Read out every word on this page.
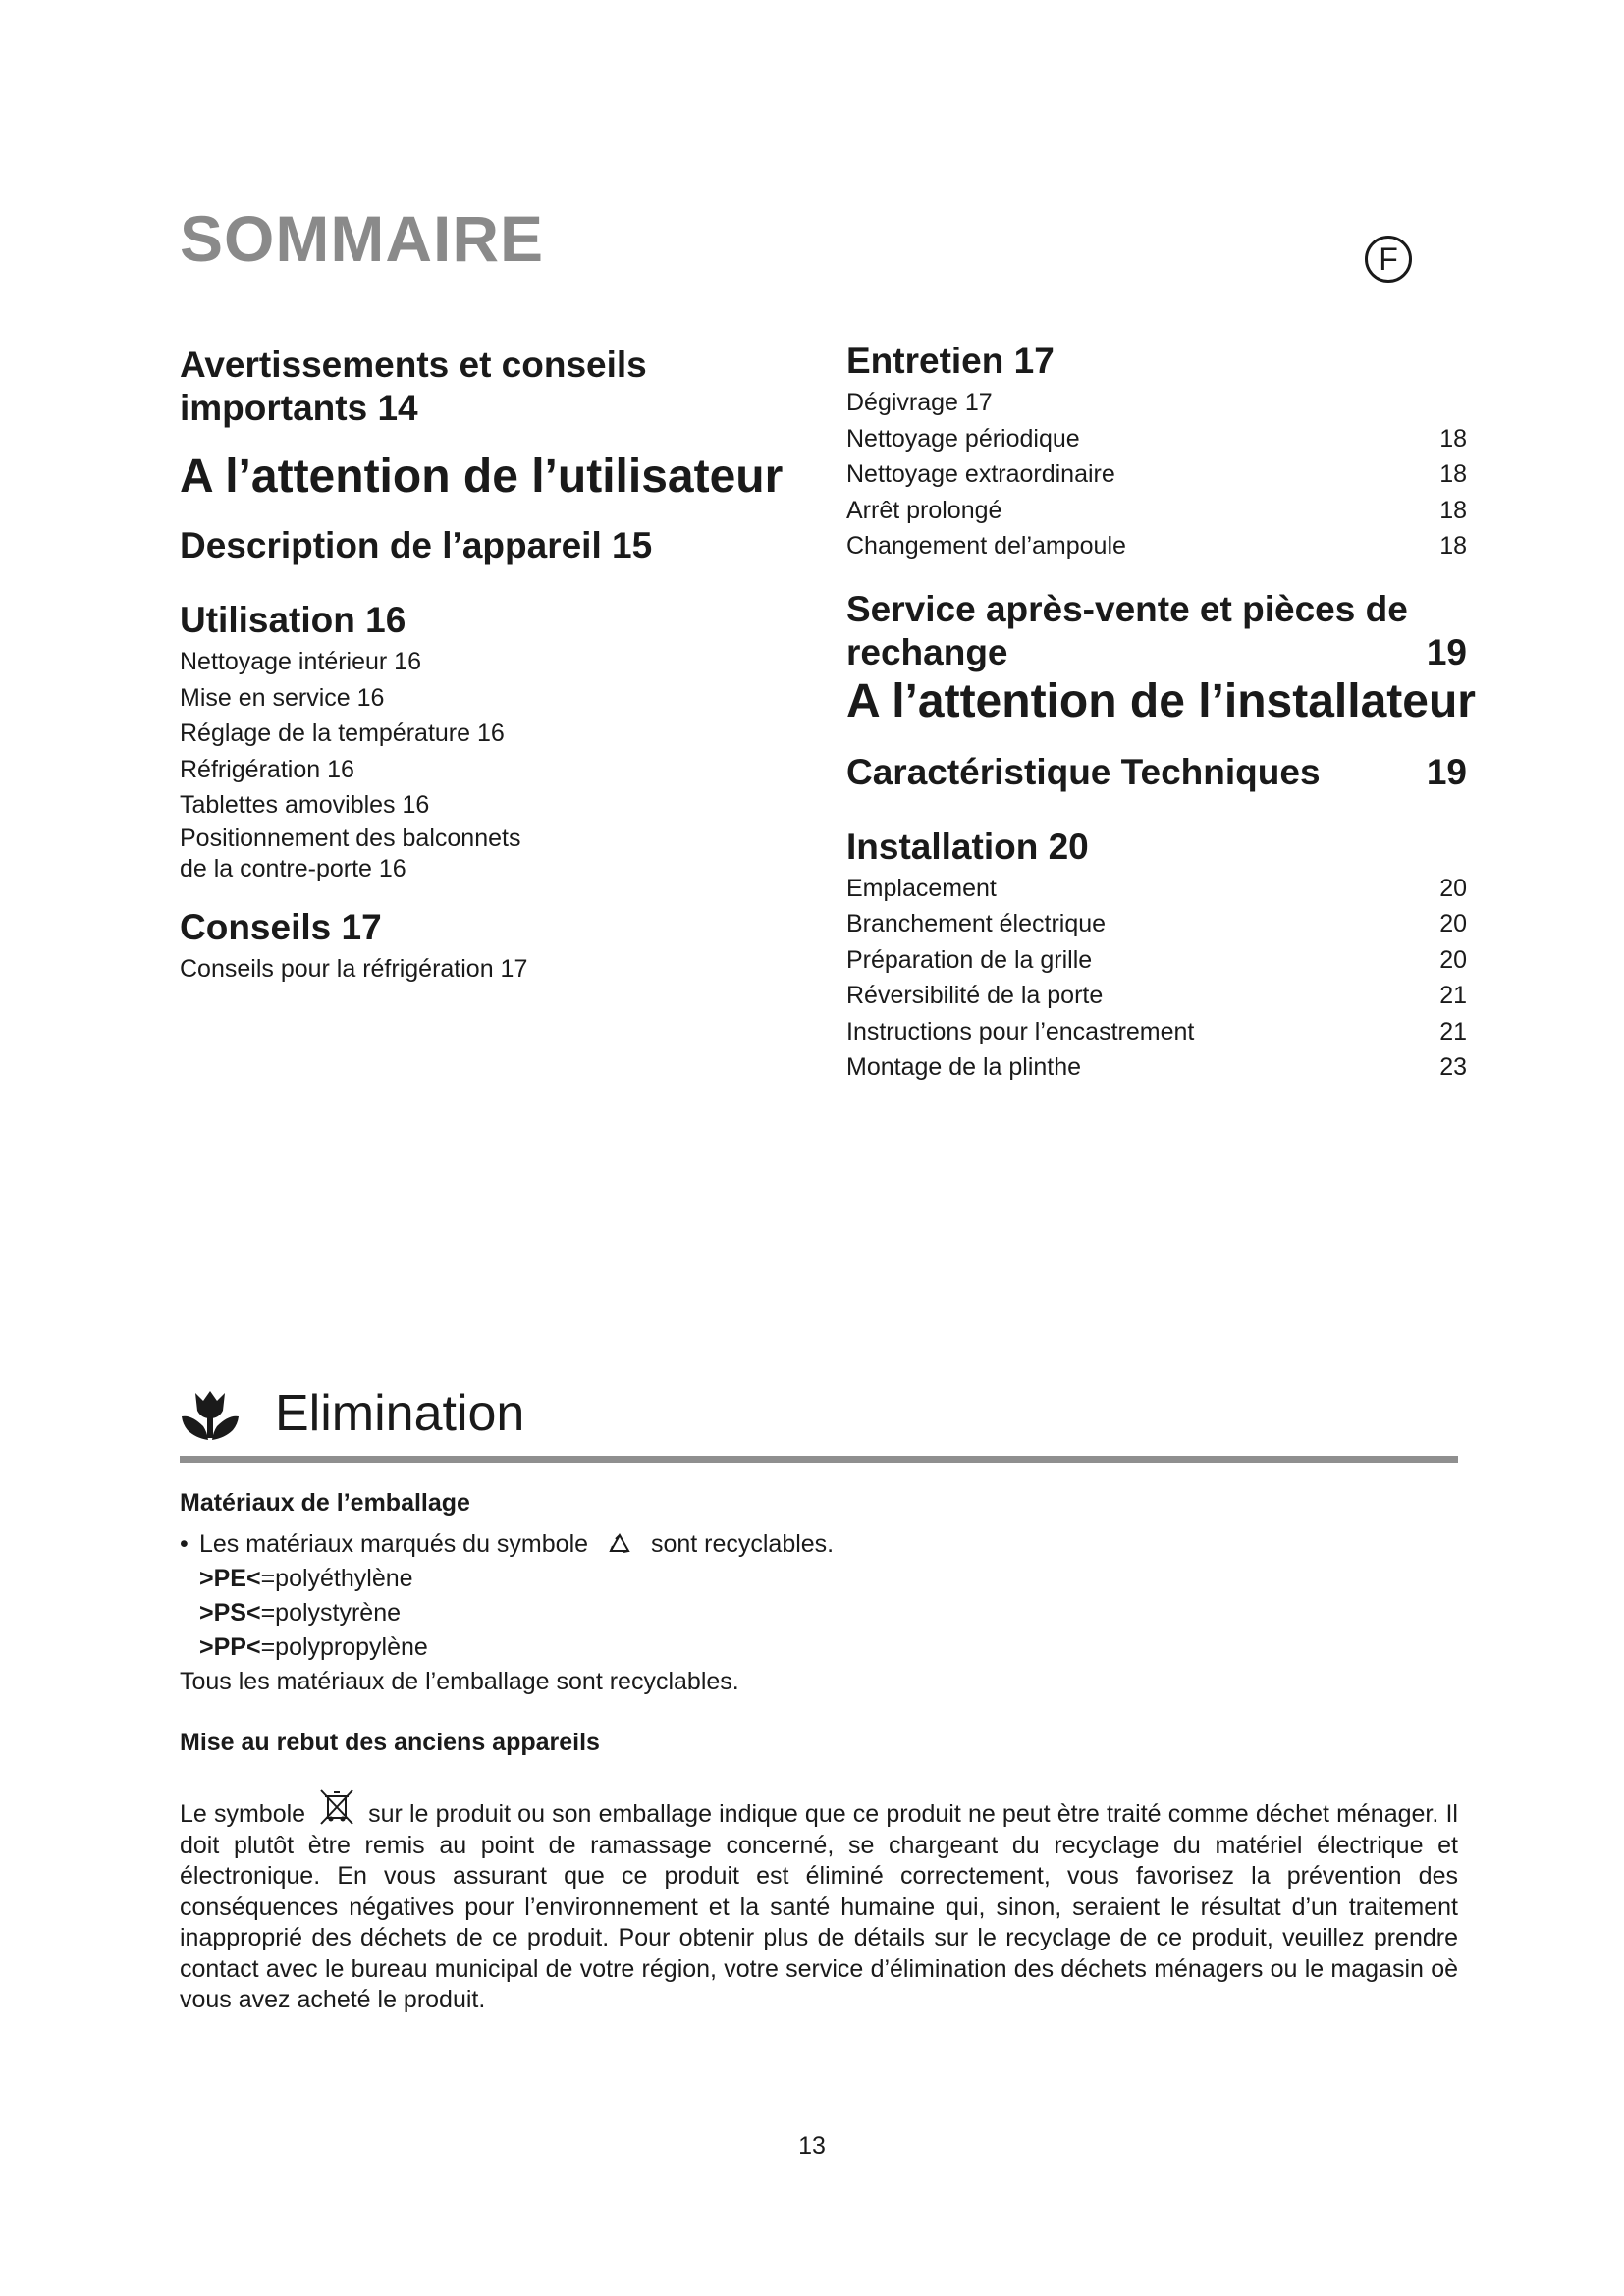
SOMMAIRE	F
Avertissements et conseils importants 14
A l’attention de l’utilisateur
Description de l’appareil 15
Utilisation 16
Nettoyage intérieur 16
Mise en service 16
Réglage de la température 16
Réfrigération 16
Tablettes amovibles 16
Positionnement des balconnets
de la contre-porte 16
Conseils 17
Conseils pour la réfrigération 17
Entretien 17
Dégivrage 17
Nettoyage périodique	18
Nettoyage extraordinaire	18
Arrêt prolongé	18
Changement del’ampoule	18
Service après-vente et pièces de
rechange	19
A l’attention de l’installateur
Caractéristique Techniques	19
Installation 20
Emplacement	20
Branchement électrique	20
Préparation de la grille	20
Réversibilité de la porte	21
Instructions pour l’encastrement	21
Montage de la plinthe	23
Elimination
Matériaux de l’emballage
• Les matériaux marqués du symbole	sont recyclables.
>PE<=polyéthylène
>PS<=polystyrène
>PP<=polypropylène
Tous les matériaux de l’emballage sont recyclables.
Mise au rebut des anciens appareils
Le symbole	sur le produit ou son emballage indique que ce produit ne peut ètre traité comme déchet ménager. Il doit plutôt ètre remis au point de ramassage concerné, se chargeant du recyclage du matériel électrique et électronique. En vous assurant que ce produit est éliminé correctement, vous favorisez la prévention des conséquences négatives pour l’environnement et la santé humaine qui, sinon, seraient le résultat d’un traitement inapproprié des déchets de ce produit. Pour obtenir plus de détails sur le recyclage de ce produit, veuillez prendre contact avec le bureau municipal de votre région, votre service d’élimination des déchets ménagers ou le magasin oè vous avez acheté le produit.
13
